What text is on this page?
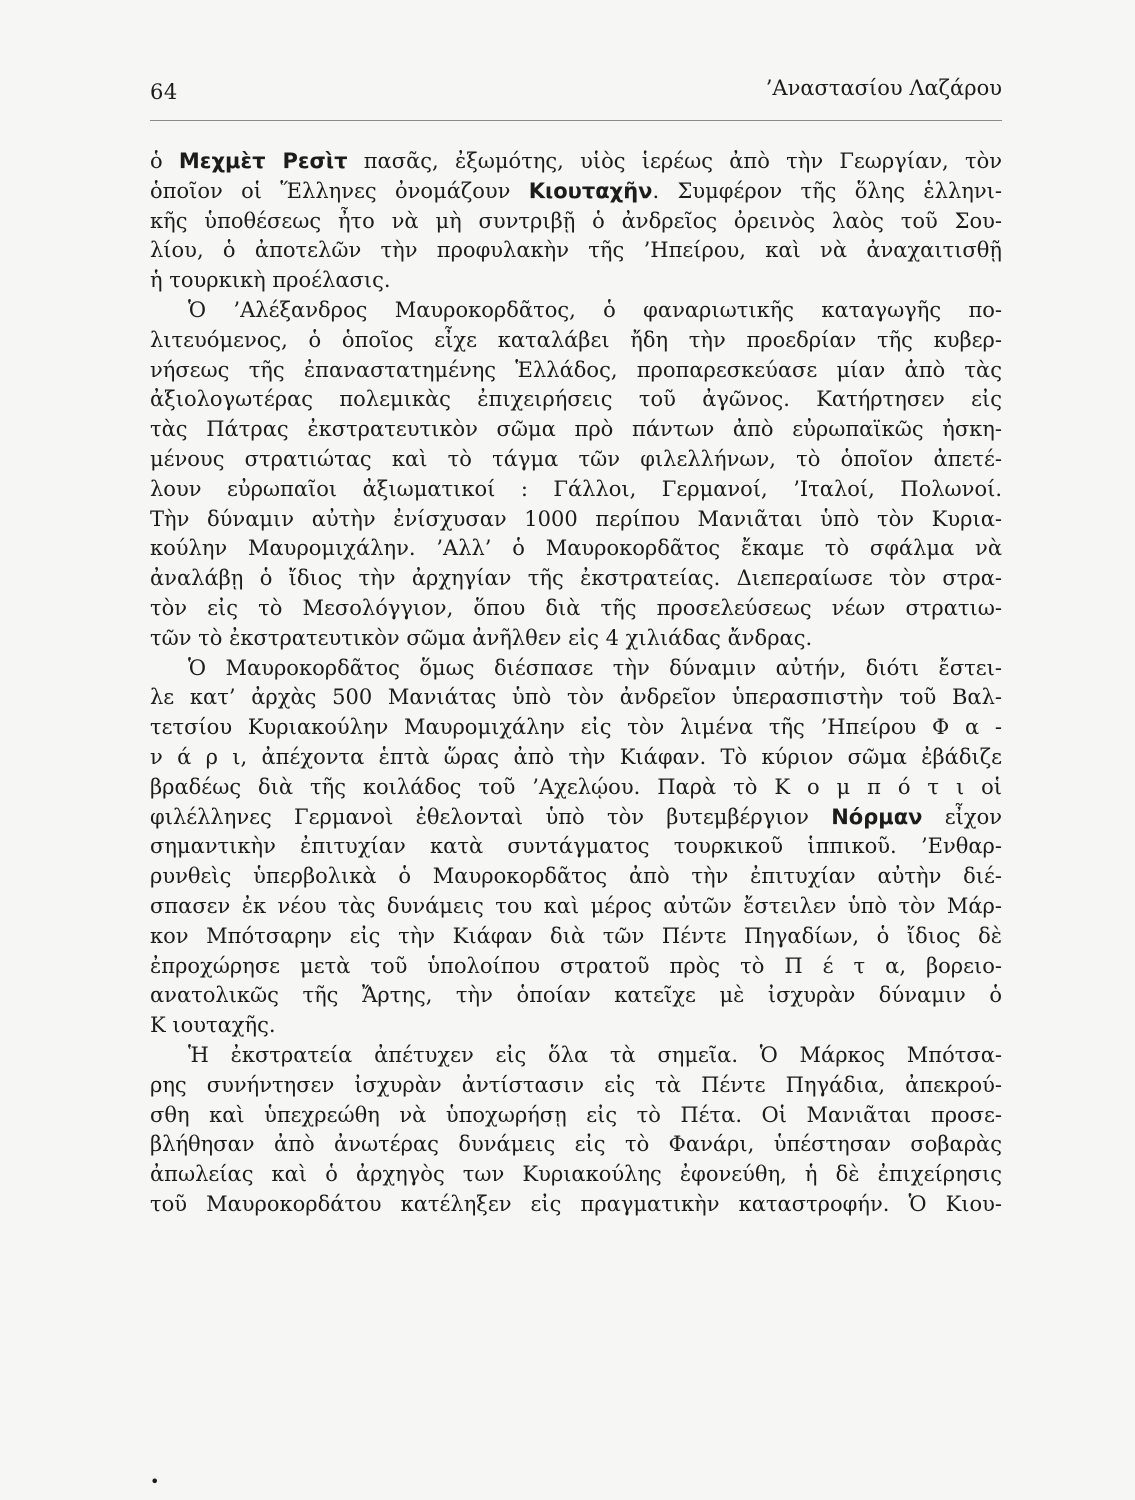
64	’Αναστασίου Λαζάρου
ὁ Μεχμὲτ Ρεσὶτ πασᾶς, ἐξωμότης, υἱὸς ἱερέως ἀπὸ τὴν Γεωργίαν, τὸν
ὁποῖον οἱ Ἕλληνες ὀνομάζουν Κιουταχῆν. Συμφέρον τῆς ὅλης ἑλληνι-
κῆς ὑποθέσεως ἦτο νὰ μὴ συντριβῇ ὁ ἀνδρεῖος ὀρεινὸς λαὸς τοῦ Σου-
λίου, ὁ ἀποτελῶν τὴν προφυλακὴν τῆς ’Ηπείρου, καὶ νὰ ἀναχαιτισθῇ
ἡ τουρκικὴ προέλασις.
Ὁ ’Αλέξανδρος Μαυροκορδᾶτος, ὁ φαναριωτικῆς καταγωγῆς πο-
λιτευόμενος, ὁ ὁποῖος εἶχε καταλάβει ἤδη τὴν προεδρίαν τῆς κυβερ-
νήσεως τῆς ἐπαναστατημένης Ἑλλάδος, προπαρεσκεύασε μίαν ἀπὸ τὰς
ἀξιολογωτέρας πολεμικὰς ἐπιχειρήσεις τοῦ ἀγῶνος. Κατήρτησεν εἰς
τὰς Πάτρας ἐκστρατευτικὸν σῶμα πρὸ πάντων ἀπὸ εὐρωπαϊκῶς ἠσκη-
μένους στρατιώτας καὶ τὸ τάγμα τῶν φιλελλήνων, τὸ ὁποῖον ἀπετέ-
λουν εὐρωπαῖοι ἀξιωματικοί : Γάλλοι, Γερμανοί, ’Ιταλοί, Πολωνοί.
Τὴν δύναμιν αὐτὴν ἐνίσχυσαν 1000 περίπου Μανιᾶται ὑπὸ τὸν Κυρια-
κούλην Μαυρομιχάλην. ’Αλλ’ ὁ Μαυροκορδᾶτος ἔκαμε τὸ σφάλμα νὰ
ἀναλάβῃ ὁ ἴδιος τὴν ἀρχηγίαν τῆς ἐκστρατείας. Διεπεραίωσε τὸν στρα-
τὸν εἰς τὸ Μεσολόγγιον, ὅπου διὰ τῆς προσελεύσεως νέων στρατιω-
τῶν τὸ ἐκστρατευτικὸν σῶμα ἀνῆλθεν εἰς 4 χιλιάδας ἄνδρας.
Ὁ Μαυροκορδᾶτος ὅμως διέσπασε τὴν δύναμιν αὐτήν, διότι ἔστει-
λε κατ’ ἀρχὰς 500 Μανιάτας ὑπὸ τὸν ἀνδρεῖον ὑπερασπιστὴν τοῦ Βαλ-
τετσίου Κυριακούλην Μαυρομιχάλην εἰς τὸν λιμένα τῆς ’Ηπείρου Φ α -
ν ά ρ ι, ἀπέχοντα ἑπτὰ ὥρας ἀπὸ τὴν Κιάφαν. Τὸ κύριον σῶμα ἐβάδιζε
βραδέως διὰ τῆς κοιλάδος τοῦ ’Αχελῴου. Παρὰ τὸ Κ ο μ π ό τ ι οἱ
φιλέλληνες Γερμανοὶ ἐθελονταὶ ὑπὸ τὸν βυτεμβέργιον Νόρμαν εἶχον
σημαντικὴν ἐπιτυχίαν κατὰ συντάγματος τουρκικοῦ ἱππικοῦ. ’Ενθαρ-
ρυνθεὶς ὑπερβολικὰ ὁ Μαυροκορδᾶτος ἀπὸ τὴν ἐπιτυχίαν αὐτὴν διέ-
σπασεν ἐκ νέου τὰς δυνάμεις του καὶ μέρος αὐτῶν ἔστειλεν ὑπὸ τὸν Μάρ-
κον Μπότσαρην εἰς τὴν Κιάφαν διὰ τῶν Πέντε Πηγαδίων, ὁ ἴδιος δὲ
ἐπροχώρησε μετὰ τοῦ ὑπολοίπου στρατοῦ πρὸς τὸ Π έ τ α, βορειο-
ανατολικῶς τῆς Ἄρτης, τὴν ὁποίαν κατεῖχε μὲ ἰσχυρὰν δύναμιν ὁ
Κ ιουταχῆς.
Ἡ ἐκστρατεία ἀπέτυχεν εἰς ὅλα τὰ σημεῖα. Ὁ Μάρκος Μπότσα-
ρης συνήντησεν ἰσχυρὰν ἀντίστασιν εἰς τὰ Πέντε Πηγάδια, ἀπεκρού-
σθη καὶ ὑπεχρεώθη νὰ ὑποχωρήσῃ εἰς τὸ Πέτα. Οἱ Μανιᾶται προσε-
βλήθησαν ἀπὸ ἀνωτέρας δυνάμεις εἰς τὸ Φανάρι, ὑπέστησαν σοβαρὰς
ἀπωλείας καὶ ὁ ἀρχηγὸς των Κυριακούλης ἐφονεύθη, ἡ δὲ ἐπιχείρησις
τοῦ Μαυροκορδάτου κατέληξεν εἰς πραγματικὴν καταστροφήν. Ὁ Κιου-
•
